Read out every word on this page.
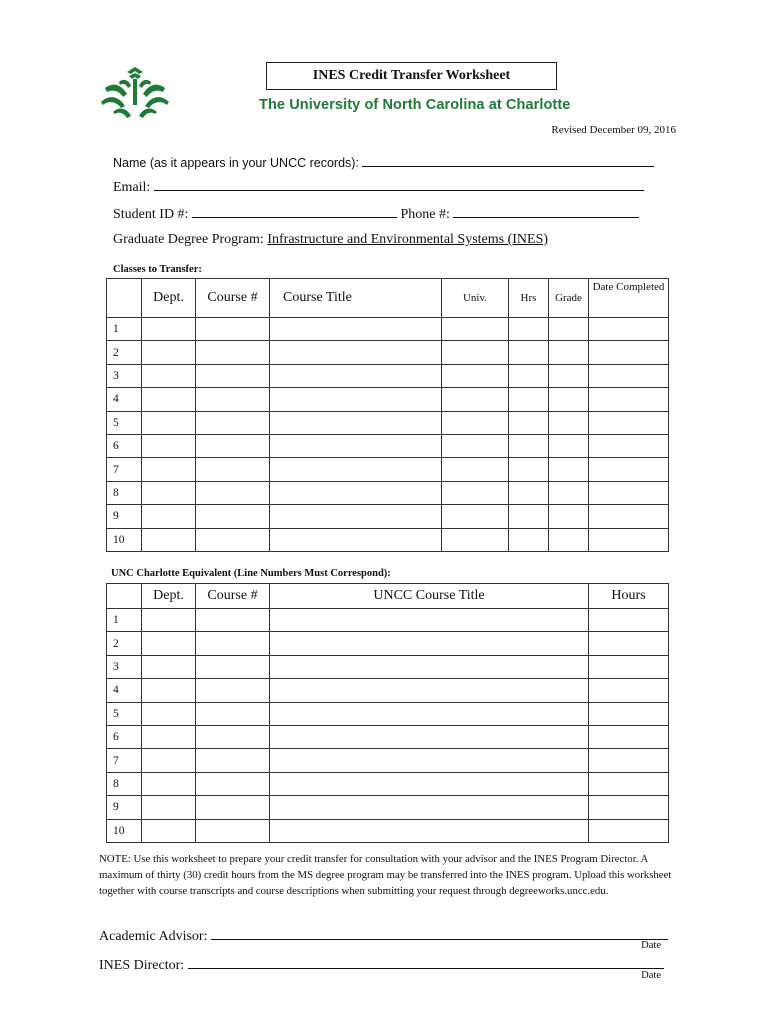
INES Credit Transfer Worksheet
The University of North Carolina at Charlotte
Revised December 09, 2016
Name (as it appears in your UNCC records):
Email:
Student ID #:	Phone #:
Graduate Degree Program: Infrastructure and Environmental Systems (INES)
Classes to Transfer:
	Dept.	Course #	Course Title	Univ.	Hrs	Grade	Date Completed
1							
2							
3							
4							
5							
6							
7							
8							
9							
10							
UNC Charlotte Equivalent (Line Numbers Must Correspond):
	Dept.	Course #	UNCC Course Title	Hours
1				
2				
3				
4				
5				
6				
7				
8				
9				
10				
NOTE: Use this worksheet to prepare your credit transfer for consultation with your advisor and the INES Program Director. A maximum of thirty (30) credit hours from the MS degree program may be transferred into the INES program. Upload this worksheet together with course transcripts and course descriptions when submitting your request through degreeworks.uncc.edu.
Academic Advisor:
Date
INES Director:
Date
